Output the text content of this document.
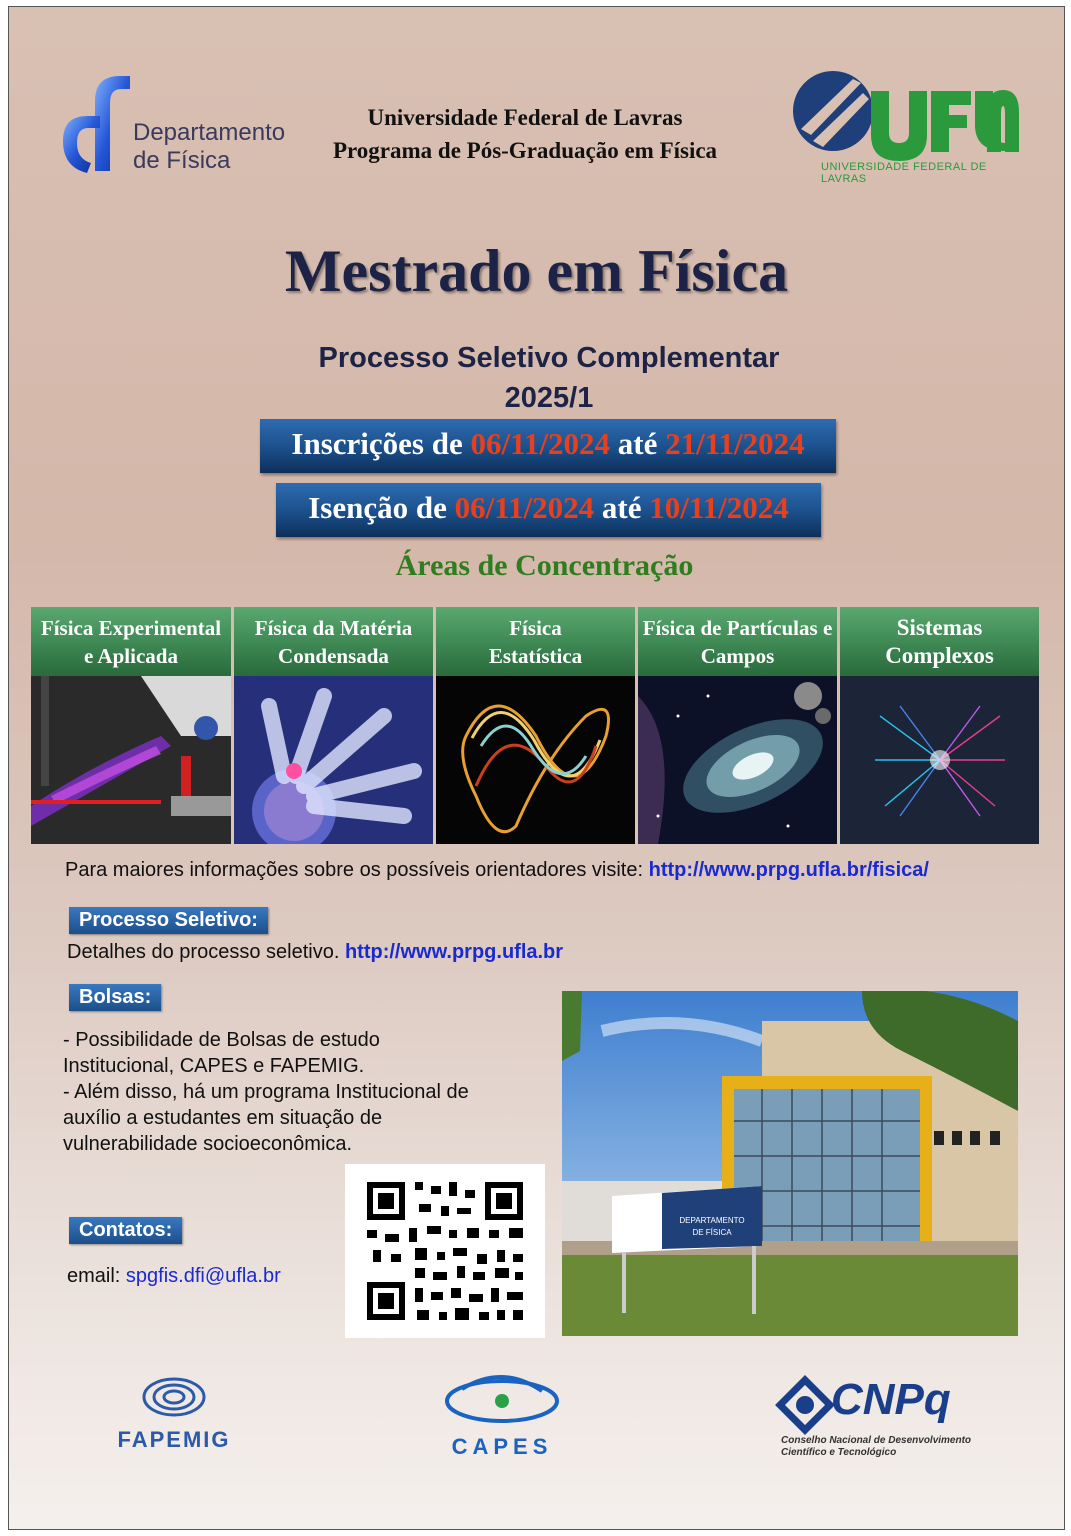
Departamento
de Física
Universidade Federal de Lavras
Programa de Pós-Graduação em Física
UNIVERSIDADE FEDERAL DE LAVRAS
Mestrado em Física
Processo Seletivo Complementar
2025/1
Inscrições de 06/11/2024 até 21/11/2024
Isenção de 06/11/2024 até 10/11/2024
Áreas de Concentração
Física Experimental
e Aplicada
Física da Matéria
Condensada
Física
Estatística
Física de Partículas e
Campos
Sistemas
Complexos
Para maiores informações sobre os possíveis orientadores visite: http://www.prpg.ufla.br/fisica/
Processo Seletivo:
Detalhes do processo seletivo. http://www.prpg.ufla.br
Bolsas:
- Possibilidade de Bolsas de estudo
Institucional, CAPES e FAPEMIG.
- Além disso, há um programa Institucional de
auxílio a estudantes em situação de
vulnerabilidade socioeconômica.
Contatos:
email: spgfis.dfi@ufla.br
DEPARTAMENTO
DE FÍSICA
FAPEMIG	CAPES
CNPq
Conselho Nacional de Desenvolvimento
Científico e Tecnológico
